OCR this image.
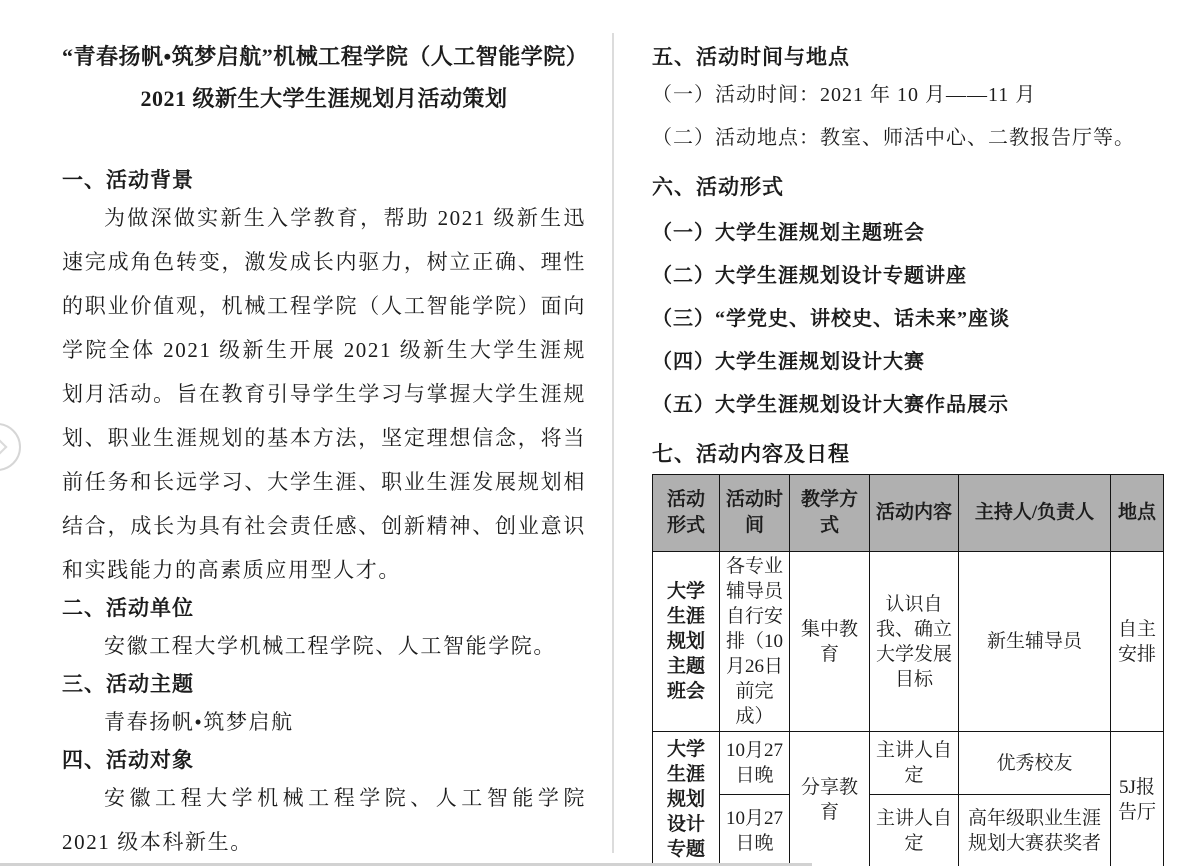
“青春扬帆•筑梦启航”机械工程学院（人工智能学院）
2021 级新生大学生涯规划月活动策划
一、活动背景

为做深做实新生入学教育，帮助 2021 级新生迅速完成角色转变，激发成长内驱力，树立正确、理性的职业价值观，机械工程学院（人工智能学院）面向学院全体 2021 级新生开展 2021 级新生大学生涯规划月活动。旨在教育引导学生学习与掌握大学生涯规划、职业生涯规划的基本方法，坚定理想信念，将当前任务和长远学习、大学生涯、职业生涯发展规划相结合，成长为具有社会责任感、创新精神、创业意识和实践能力的高素质应用型人才。

二、活动单位

安徽工程大学机械工程学院、人工智能学院。

三、活动主题

青春扬帆•筑梦启航

四、活动对象

安徽工程大学机械工程学院、人工智能学院 2021 级本科新生。

五、活动时间与地点

（一）活动时间：2021 年 10 月——11 月

（二）活动地点：教室、师活中心、二教报告厅等。

六、活动形式

（一）大学生涯规划主题班会

（二）大学生涯规划设计专题讲座

（三）“学党史、讲校史、话未来”座谈

（四）大学生涯规划设计大赛

（五）大学生涯规划设计大赛作品展示

七、活动内容及日程
活动形式	活动时间	教学方式	活动内容	主持人/负责人	地点
大学生涯规划主题班会	各专业辅导员自行安排（10月26日前完成）	集中教育	认识自我、确立大学发展目标	新生辅导员	自主安排
大学生涯规划设计专题	10月27日晚	分享教育	主讲人自定	优秀校友	5J报告厅
	10月27日晚		主讲人自定	高年级职业生涯规划大赛获奖者	
